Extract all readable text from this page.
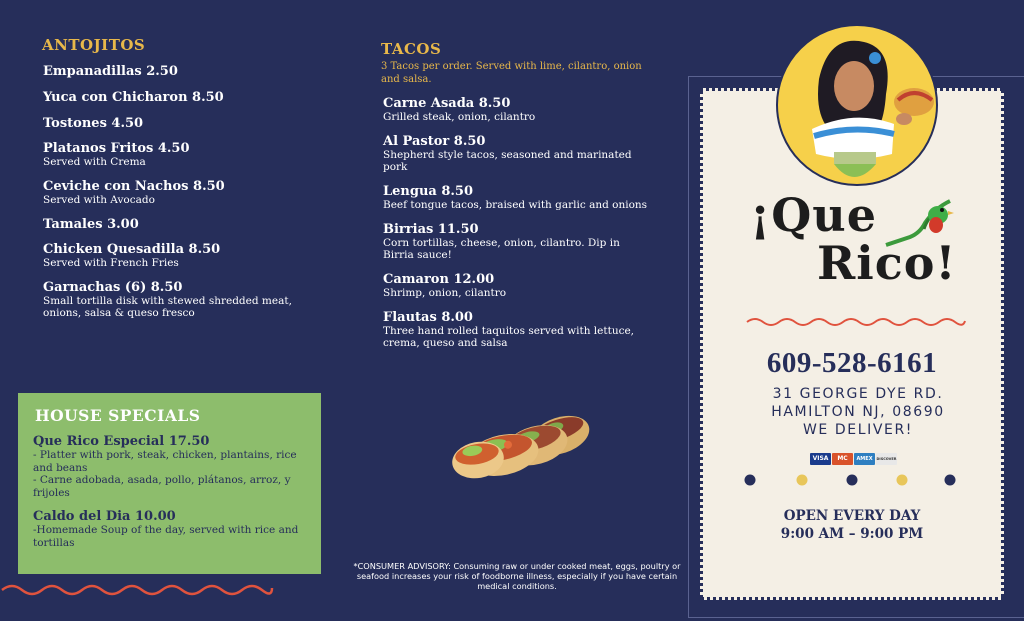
ANTOJITOS
Empanadillas 2.50
Yuca con Chicharon 8.50
Tostones 4.50
Platanos Fritos 4.50
Served with Crema
Ceviche con Nachos 8.50
Served with Avocado
Tamales 3.00
Chicken Quesadilla 8.50
Served with French Fries
Garnachas (6) 8.50
Small tortilla disk with stewed shredded meat, onions, salsa & queso fresco
TACOS
3 Tacos per order. Served with lime, cilantro, onion and salsa.
Carne Asada 8.50
Grilled steak, onion, cilantro
Al Pastor 8.50
Shepherd style tacos, seasoned and marinated pork
Lengua 8.50
Beef tongue tacos, braised with garlic and onions
Birrias 11.50
Corn tortillas, cheese, onion, cilantro. Dip in Birria sauce!
Camaron 12.00
Shrimp, onion, cilantro
Flautas 8.00
Three hand rolled taquitos served with lettuce, crema, queso and salsa
HOUSE SPECIALS
Que Rico Especial 17.50
- Platter with pork, steak, chicken, plantains, rice and beans
- Carne adobada, asada, pollo, plátanos, arroz, y frijoles
Caldo del Dia 10.00
-Homemade Soup of the day, served with rice and tortillas
*CONSUMER ADVISORY: Consuming raw or under cooked meat, eggs, poultry or seafood increases your risk of foodborne illness, especially if you have certain medical conditions.
¡Que
Rico!
609-528-6161
31 GEORGE DYE RD.
HAMILTON NJ, 08690
WE DELIVER!
VISA	MC	AMEX	DISCOVER
OPEN EVERY DAY
9:00 AM – 9:00 PM
